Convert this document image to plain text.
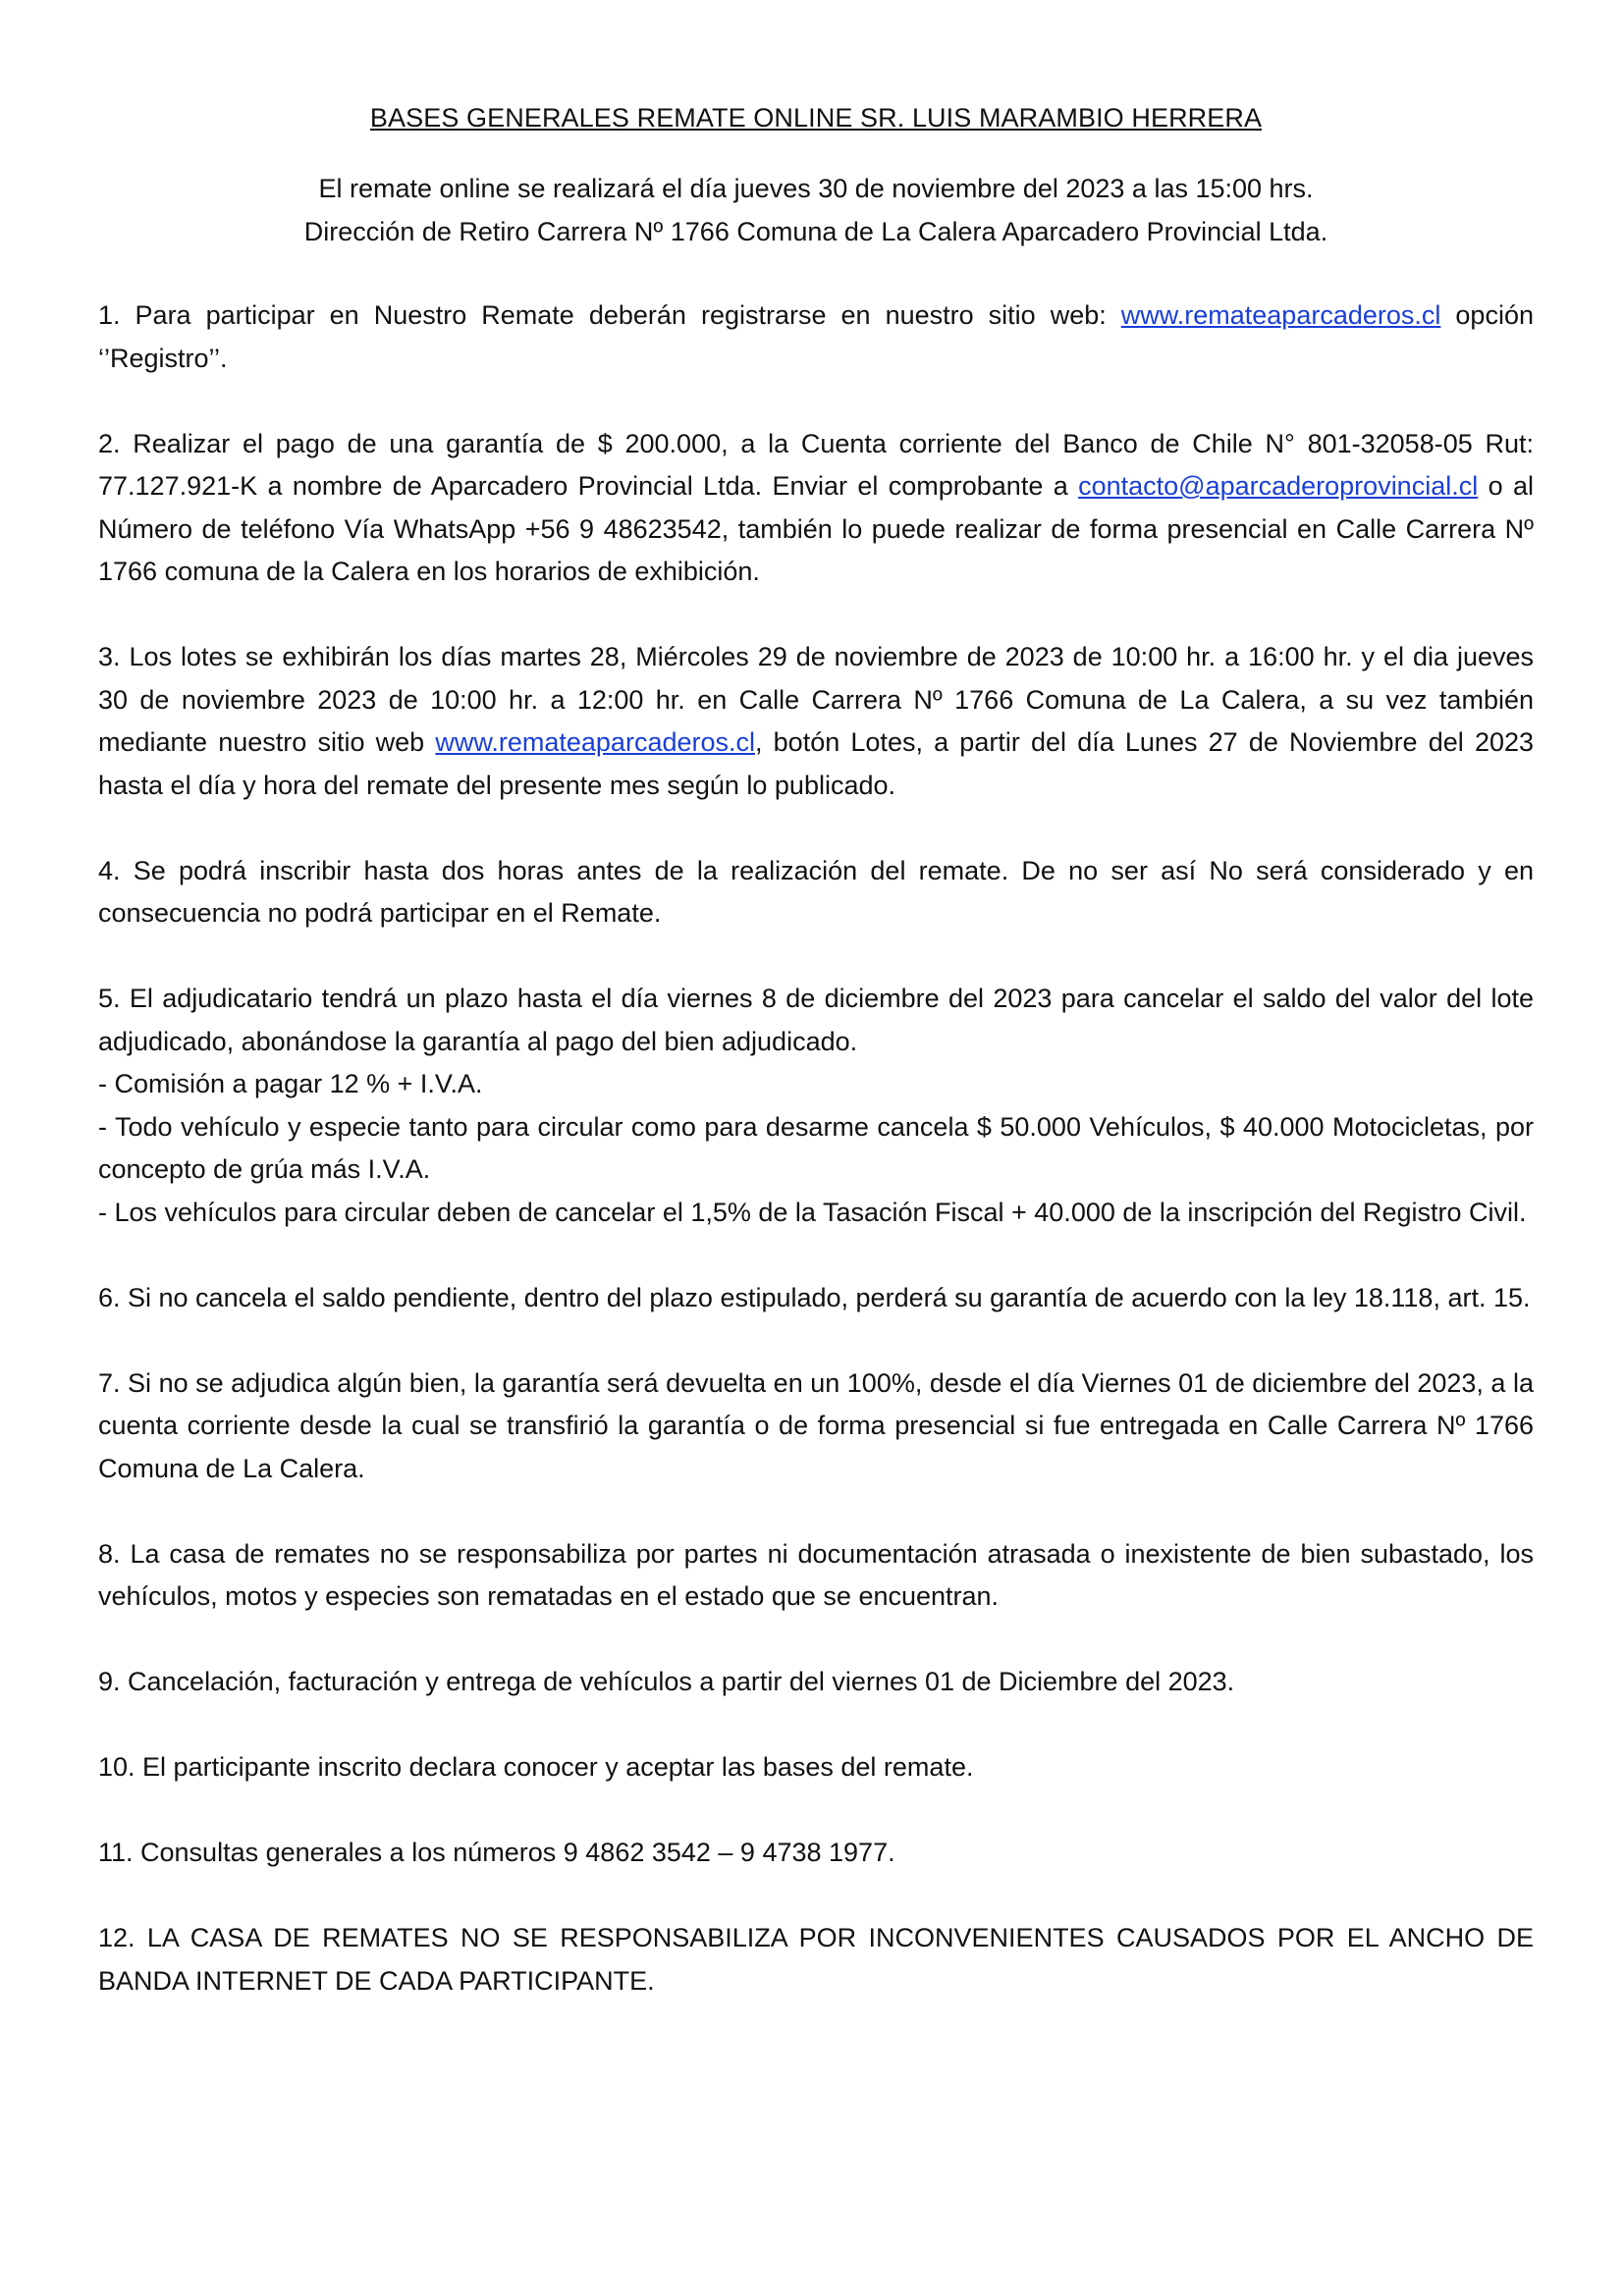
BASES GENERALES REMATE ONLINE SR. LUIS MARAMBIO HERRERA
El remate online se realizará el día jueves 30 de noviembre del 2023 a las 15:00 hrs.
Dirección de Retiro Carrera Nº 1766 Comuna de La Calera Aparcadero Provincial Ltda.

1. Para participar en Nuestro Remate deberán registrarse en nuestro sitio web: www.remateaparcaderos.cl opción ‘’Registro’’.

2. Realizar el pago de una garantía de $ 200.000, a la Cuenta corriente del Banco de Chile N° 801-32058-05 Rut: 77.127.921-K a nombre de Aparcadero Provincial Ltda. Enviar el comprobante a contacto@aparcaderoprovincial.cl o al Número de teléfono Vía WhatsApp +56 9 48623542, también lo puede realizar de forma presencial en Calle Carrera Nº 1766 comuna de la Calera en los horarios de exhibición.

3. Los lotes se exhibirán los días martes 28, Miércoles 29 de noviembre de 2023 de 10:00 hr. a 16:00 hr. y el dia jueves 30 de noviembre 2023 de 10:00 hr. a 12:00 hr. en Calle Carrera Nº 1766 Comuna de La Calera, a su vez también mediante nuestro sitio web www.remateaparcaderos.cl, botón Lotes, a partir del día Lunes 27 de Noviembre del 2023 hasta el día y hora del remate del presente mes según lo publicado.

4. Se podrá inscribir hasta dos horas antes de la realización del remate. De no ser así No será considerado y en consecuencia no podrá participar en el Remate.

5. El adjudicatario tendrá un plazo hasta el día viernes 8 de diciembre del 2023 para cancelar el saldo del valor del lote adjudicado, abonándose la garantía al pago del bien adjudicado.
- Comisión a pagar 12 % + I.V.A.
- Todo vehículo y especie tanto para circular como para desarme cancela $ 50.000 Vehículos, $ 40.000 Motocicletas, por concepto de grúa más I.V.A.
- Los vehículos para circular deben de cancelar el 1,5% de la Tasación Fiscal + 40.000 de la inscripción del Registro Civil.

6. Si no cancela el saldo pendiente, dentro del plazo estipulado, perderá su garantía de acuerdo con la ley 18.118, art. 15.

7. Si no se adjudica algún bien, la garantía será devuelta en un 100%, desde el día Viernes 01 de diciembre del 2023, a la cuenta corriente desde la cual se transfirió la garantía o de forma presencial si fue entregada en Calle Carrera Nº 1766 Comuna de La Calera.

8. La casa de remates no se responsabiliza por partes ni documentación atrasada o inexistente de bien subastado, los vehículos, motos y especies son rematadas en el estado que se encuentran.

9. Cancelación, facturación y entrega de vehículos a partir del viernes 01 de Diciembre del 2023.

10. El participante inscrito declara conocer y aceptar las bases del remate.

11. Consultas generales a los números 9 4862 3542 – 9 4738 1977.

12. LA CASA DE REMATES NO SE RESPONSABILIZA POR INCONVENIENTES CAUSADOS POR EL ANCHO DE BANDA INTERNET DE CADA PARTICIPANTE.
